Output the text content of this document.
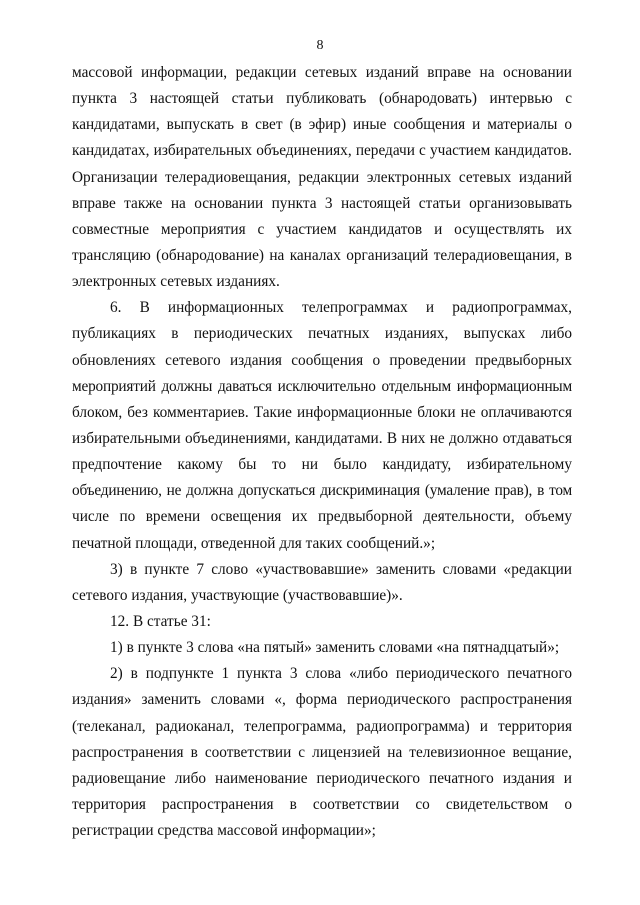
8
массовой информации, редакции сетевых изданий вправе на основании
пункта 3 настоящей статьи публиковать (обнародовать) интервью с
кандидатами, выпускать в свет (в эфир) иные сообщения и материалы о
кандидатах, избирательных объединениях, передачи с участием кандидатов.
Организации телерадиовещания, редакции электронных сетевых изданий
вправе также на основании пункта 3 настоящей статьи организовывать
совместные мероприятия с участием кандидатов и осуществлять их
трансляцию (обнародование) на каналах организаций телерадиовещания, в
электронных сетевых изданиях.
6. В информационных телепрограммах и радиопрограммах,
публикациях в периодических печатных изданиях, выпусках либо
обновлениях сетевого издания сообщения о проведении предвыборных
мероприятий должны даваться исключительно отдельным информационным
блоком, без комментариев. Такие информационные блоки не оплачиваются
избирательными объединениями, кандидатами. В них не должно отдаваться
предпочтение какому бы то ни было кандидату, избирательному
объединению, не должна допускаться дискриминация (умаление прав), в том
числе по времени освещения их предвыборной деятельности, объему
печатной площади, отведенной для таких сообщений.»;
3) в пункте 7 слово «участвовавшие» заменить словами «редакции
сетевого издания, участвующие (участвовавшие)».
12. В статье 31:
1) в пункте 3 слова «на пятый» заменить словами «на пятнадцатый»;
2) в подпункте 1 пункта 3 слова «либо периодического печатного
издания» заменить словами «, форма периодического распространения
(телеканал, радиоканал, телепрограмма, радиопрограмма) и территория
распространения в соответствии с лицензией на телевизионное вещание,
радиовещание либо наименование периодического печатного издания и
территория распространения в соответствии со свидетельством о
регистрации средства массовой информации»;
